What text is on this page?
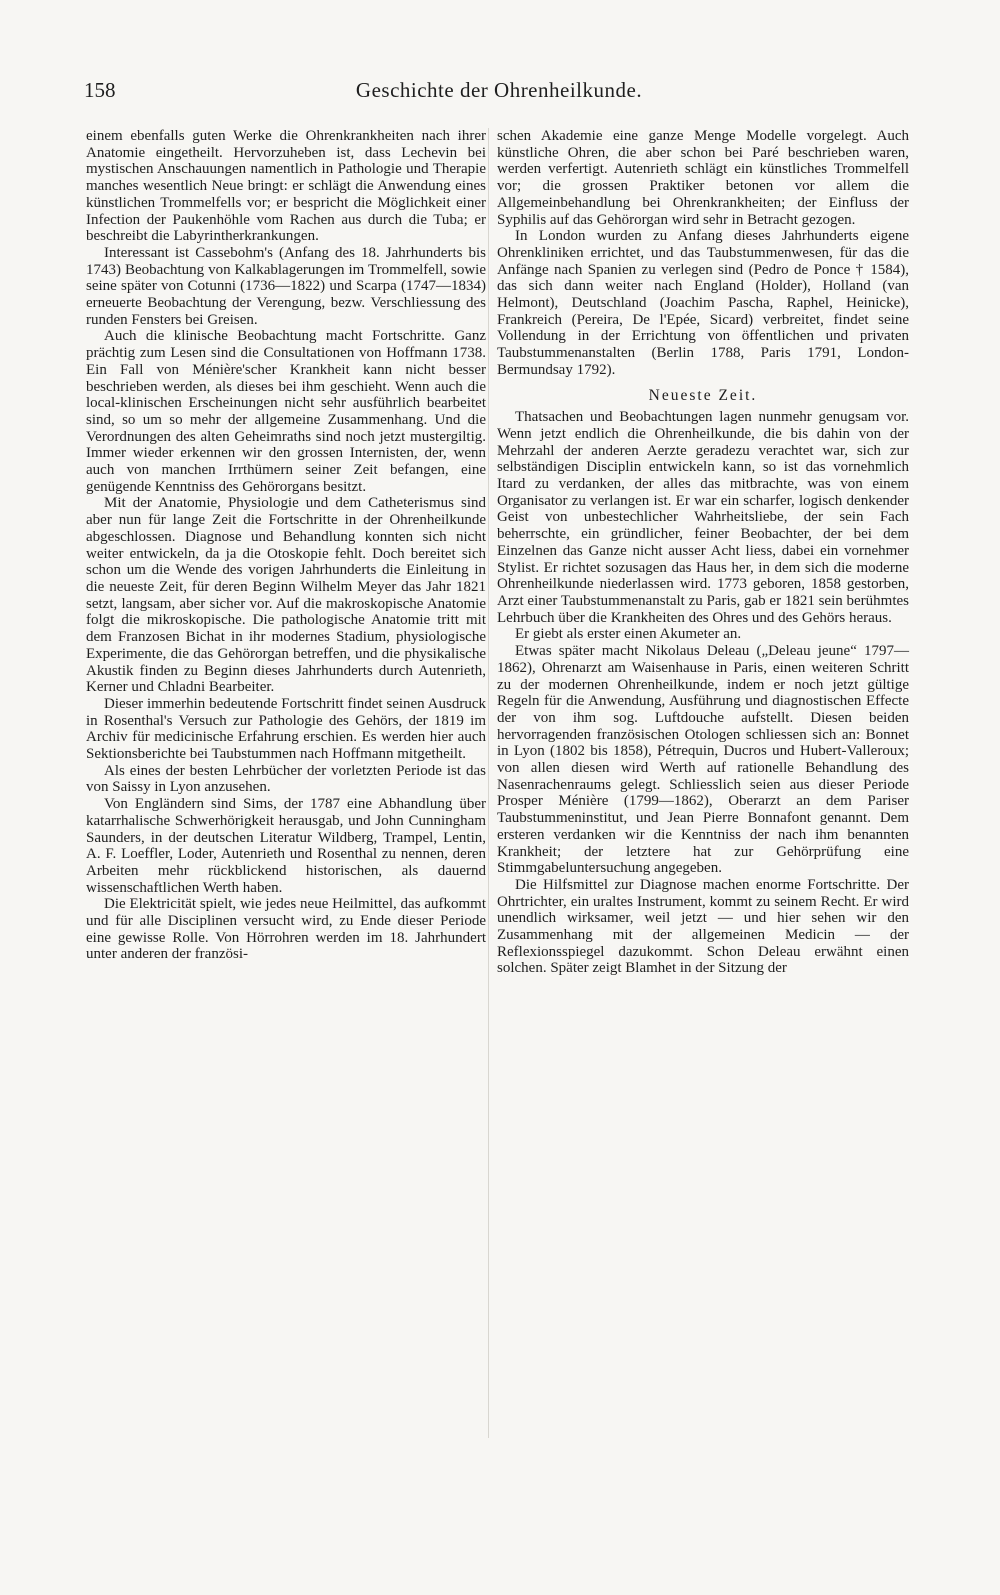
158	Geschichte der Ohrenheilkunde.

einem ebenfalls guten Werke die Ohrenkrankheiten nach ihrer Anatomie eingetheilt. Hervorzuheben ist, dass Lechevin bei mystischen Anschauungen namentlich in Pathologie und Therapie manches wesentlich Neue bringt: er schlägt die Anwendung eines künstlichen Trommelfells vor; er bespricht die Möglichkeit einer Infection der Paukenhöhle vom Rachen aus durch die Tuba; er beschreibt die Labyrintherkrankungen.

Interessant ist Cassebohm's (Anfang des 18. Jahrhunderts bis 1743) Beobachtung von Kalkablagerungen im Trommelfell, sowie seine später von Cotunni (1736—1822) und Scarpa (1747—1834) erneuerte Beobachtung der Verengung, bezw. Verschliessung des runden Fensters bei Greisen.

Auch die klinische Beobachtung macht Fortschritte. Ganz prächtig zum Lesen sind die Consultationen von Hoffmann 1738. Ein Fall von Ménière'scher Krankheit kann nicht besser beschrieben werden, als dieses bei ihm geschieht. Wenn auch die local-klinischen Erscheinungen nicht sehr ausführlich bearbeitet sind, so um so mehr der allgemeine Zusammenhang. Und die Verordnungen des alten Geheimraths sind noch jetzt mustergiltig. Immer wieder erkennen wir den grossen Internisten, der, wenn auch von manchen Irrthümern seiner Zeit befangen, eine genügende Kenntniss des Gehörorgans besitzt.

Mit der Anatomie, Physiologie und dem Catheterismus sind aber nun für lange Zeit die Fortschritte in der Ohrenheilkunde abgeschlossen. Diagnose und Behandlung konnten sich nicht weiter entwickeln, da ja die Otoskopie fehlt. Doch bereitet sich schon um die Wende des vorigen Jahrhunderts die Einleitung in die neueste Zeit, für deren Beginn Wilhelm Meyer das Jahr 1821 setzt, langsam, aber sicher vor. Auf die makroskopische Anatomie folgt die mikroskopische. Die pathologische Anatomie tritt mit dem Franzosen Bichat in ihr modernes Stadium, physiologische Experimente, die das Gehörorgan betreffen, und die physikalische Akustik finden zu Beginn dieses Jahrhunderts durch Autenrieth, Kerner und Chladni Bearbeiter.

Dieser immerhin bedeutende Fortschritt findet seinen Ausdruck in Rosenthal's Versuch zur Pathologie des Gehörs, der 1819 im Archiv für medicinische Erfahrung erschien. Es werden hier auch Sektionsberichte bei Taubstummen nach Hoffmann mitgetheilt.

Als eines der besten Lehrbücher der vorletzten Periode ist das von Saissy in Lyon anzusehen.

Von Engländern sind Sims, der 1787 eine Abhandlung über katarrhalische Schwerhörigkeit herausgab, und John Cunningham Saunders, in der deutschen Literatur Wildberg, Trampel, Lentin, A. F. Loeffler, Loder, Autenrieth und Rosenthal zu nennen, deren Arbeiten mehr rückblickend historischen, als dauernd wissenschaftlichen Werth haben.

Die Elektricität spielt, wie jedes neue Heilmittel, das aufkommt und für alle Disciplinen versucht wird, zu Ende dieser Periode eine gewisse Rolle. Von Hörrohren werden im 18. Jahrhundert unter anderen der französi-

schen Akademie eine ganze Menge Modelle vorgelegt. Auch künstliche Ohren, die aber schon bei Paré beschrieben waren, werden verfertigt. Autenrieth schlägt ein künstliches Trommelfell vor; die grossen Praktiker betonen vor allem die Allgemeinbehandlung bei Ohrenkrankheiten; der Einfluss der Syphilis auf das Gehörorgan wird sehr in Betracht gezogen.

In London wurden zu Anfang dieses Jahrhunderts eigene Ohrenkliniken errichtet, und das Taubstummenwesen, für das die Anfänge nach Spanien zu verlegen sind (Pedro de Ponce † 1584), das sich dann weiter nach England (Holder), Holland (van Helmont), Deutschland (Joachim Pascha, Raphel, Heinicke), Frankreich (Pereira, De l'Epée, Sicard) verbreitet, findet seine Vollendung in der Errichtung von öffentlichen und privaten Taubstummenanstalten (Berlin 1788, Paris 1791, London-Bermundsay 1792).

Neueste Zeit.

Thatsachen und Beobachtungen lagen nunmehr genugsam vor. Wenn jetzt endlich die Ohrenheilkunde, die bis dahin von der Mehrzahl der anderen Aerzte geradezu verachtet war, sich zur selbständigen Disciplin entwickeln kann, so ist das vornehmlich Itard zu verdanken, der alles das mitbrachte, was von einem Organisator zu verlangen ist. Er war ein scharfer, logisch denkender Geist von unbestechlicher Wahrheitsliebe, der sein Fach beherrschte, ein gründlicher, feiner Beobachter, der bei dem Einzelnen das Ganze nicht ausser Acht liess, dabei ein vornehmer Stylist. Er richtet sozusagen das Haus her, in dem sich die moderne Ohrenheilkunde niederlassen wird. 1773 geboren, 1858 gestorben, Arzt einer Taubstummenanstalt zu Paris, gab er 1821 sein berühmtes Lehrbuch über die Krankheiten des Ohres und des Gehörs heraus.

Er giebt als erster einen Akumeter an.

Etwas später macht Nikolaus Deleau („Deleau jeune“ 1797—1862), Ohrenarzt am Waisenhause in Paris, einen weiteren Schritt zu der modernen Ohrenheilkunde, indem er noch jetzt gültige Regeln für die Anwendung, Ausführung und diagnostischen Effecte der von ihm sog. Luftdouche aufstellt. Diesen beiden hervorragenden französischen Otologen schliessen sich an: Bonnet in Lyon (1802 bis 1858), Pétrequin, Ducros und Hubert-Valleroux; von allen diesen wird Werth auf rationelle Behandlung des Nasenrachenraums gelegt. Schliesslich seien aus dieser Periode Prosper Ménière (1799—1862), Oberarzt an dem Pariser Taubstummeninstitut, und Jean Pierre Bonnafont genannt. Dem ersteren verdanken wir die Kenntniss der nach ihm benannten Krankheit; der letztere hat zur Gehörprüfung eine Stimmgabeluntersuchung angegeben.

Die Hilfsmittel zur Diagnose machen enorme Fortschritte. Der Ohrtrichter, ein uraltes Instrument, kommt zu seinem Recht. Er wird unendlich wirksamer, weil jetzt — und hier sehen wir den Zusammenhang mit der allgemeinen Medicin — der Reflexionsspiegel dazukommt. Schon Deleau erwähnt einen solchen. Später zeigt Blamhet in der Sitzung der
